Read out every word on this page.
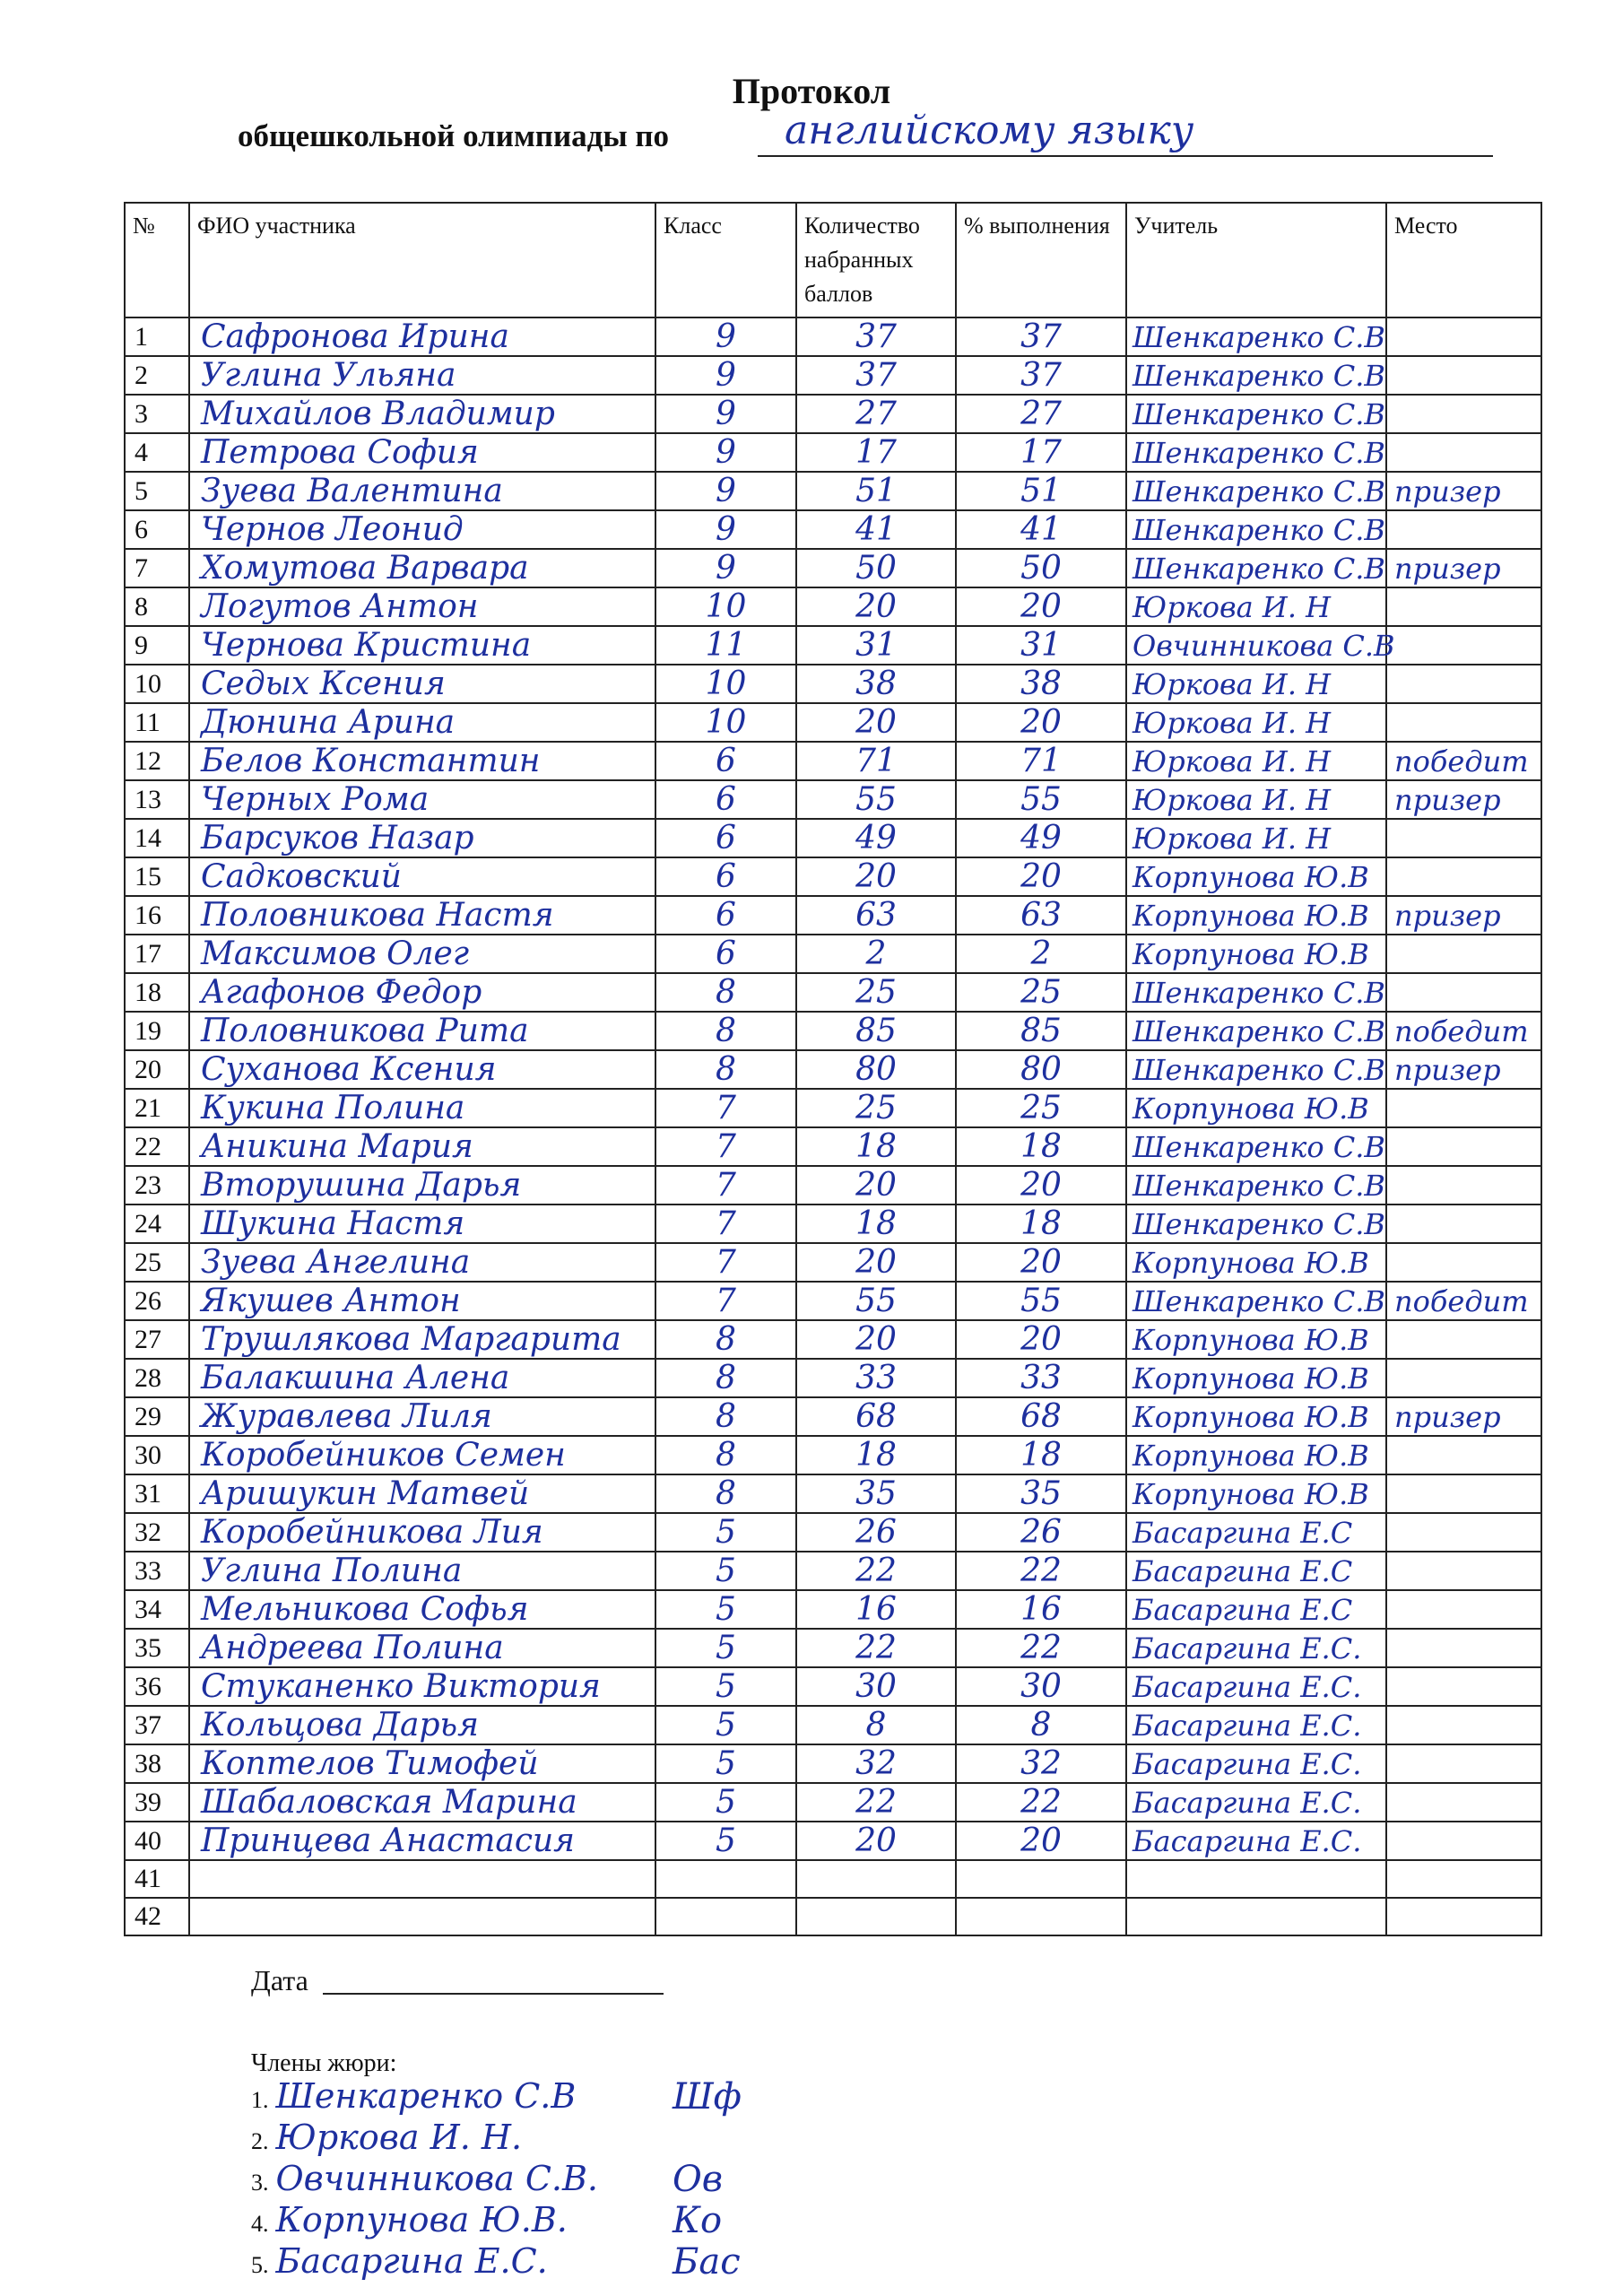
Протокол
общешкольной олимпиады по	английскому языку
№	ФИО участника	Класс	Количество набранных баллов	% выполнения	Учитель	Место
1	Сафронова Ирина	9	37	37	Шенкаренко С.В	
2	Углина Ульяна	9	37	37	Шенкаренко С.В	
3	Михайлов Владимир	9	27	27	Шенкаренко С.В	
4	Петрова София	9	17	17	Шенкаренко С.В	
5	Зуева Валентина	9	51	51	Шенкаренко С.В	призер
6	Чернов Леонид	9	41	41	Шенкаренко С.В	
7	Хомутова Варвара	9	50	50	Шенкаренко С.В	призер
8	Логутов Антон	10	20	20	Юркова И. Н	
9	Чернова Кристина	11	31	31	Овчинникова С.В	
10	Седых Ксения	10	38	38	Юркова И. Н	
11	Дюнина Арина	10	20	20	Юркова И. Н	
12	Белов Константин	6	71	71	Юркова И. Н	победит
13	Черных Рома	6	55	55	Юркова И. Н	призер
14	Барсуков Назар	6	49	49	Юркова И. Н	
15	Садковский	6	20	20	Корпунова Ю.В	
16	Половникова Настя	6	63	63	Корпунова Ю.В	призер
17	Максимов Олег	6	2	2	Корпунова Ю.В	
18	Агафонов Федор	8	25	25	Шенкаренко С.В	
19	Половникова Рита	8	85	85	Шенкаренко С.В	победит
20	Суханова Ксения	8	80	80	Шенкаренко С.В	призер
21	Кукина Полина	7	25	25	Корпунова Ю.В	
22	Аникина Мария	7	18	18	Шенкаренко С.В	
23	Вторушина Дарья	7	20	20	Шенкаренко С.В	
24	Шукина Настя	7	18	18	Шенкаренко С.В	
25	Зуева Ангелина	7	20	20	Корпунова Ю.В	
26	Якушев Антон	7	55	55	Шенкаренко С.В	победит
27	Трушлякова Маргарита	8	20	20	Корпунова Ю.В	
28	Балакшина Алена	8	33	33	Корпунова Ю.В	
29	Журавлева Лиля	8	68	68	Корпунова Ю.В	призер
30	Коробейников Семен	8	18	18	Корпунова Ю.В	
31	Аришукин Матвей	8	35	35	Корпунова Ю.В	
32	Коробейникова Лия	5	26	26	Басаргина Е.С	
33	Углина Полина	5	22	22	Басаргина Е.С	
34	Мельникова Софья	5	16	16	Басаргина Е.С	
35	Андреева Полина	5	22	22	Басаргина Е.С.	
36	Стуканенко Виктория	5	30	30	Басаргина Е.С.	
37	Кольцова Дарья	5	8	8	Басаргина Е.С.	
38	Коптелов Тимофей	5	32	32	Басаргина Е.С.	
39	Шабаловская Марина	5	22	22	Басаргина Е.С.	
40	Принцева Анастасия	5	20	20	Басаргина Е.С.	
41						
42						
Дата
Члены жюри:
1. Шенкаренко С.В	Шф
2. Юркова И. Н.
3. Овчинникова С.В. Ов
4. Корпунова Ю.В.	Ко
5. Басаргина Е.С.	Бас
